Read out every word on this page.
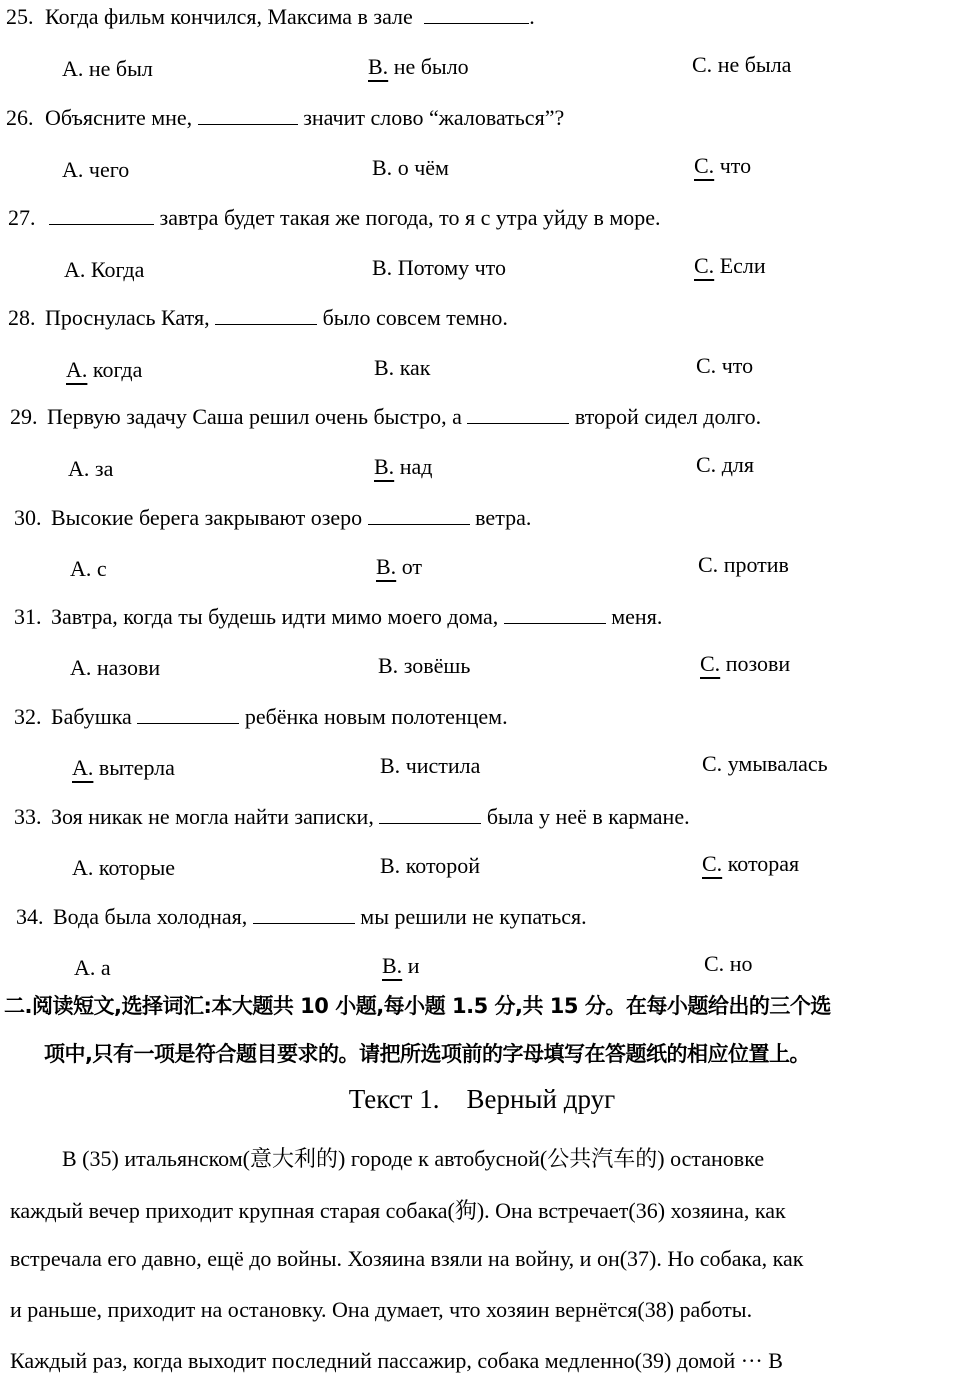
25. Когда фильм кончился, Максима в зале	.
A. не был	B. не было	C. не была
26. Объясните мне,	значит слово “жаловаться”?
A. чего	B. о чём	C. что
27.	завтра будет такая же погода, то я с утра уйду в море.
A. Когда	B. Потому что	C. Если
28. Проснулась Катя,	было совсем темно.
A. когда	B. как	C. что
29. Первую задачу Саша решил очень быстро, а	второй сидел долго.
A. за	B. над	C. для
30. Высокие берега закрывают озеро	ветра.
A. с	B. от	C. против
31. Завтра, когда ты будешь идти мимо моего дома,	меня.
A. назови	B. зовёшь	C. позови
32. Бабушка	ребёнка новым полотенцем.
A. вытерла	B. чистила	C. умывалась
33. Зоя никак не могла найти записки,	была у неё в кармане.
A. которые	B. которой	C. которая
34. Вода была холодная,	мы решили не купаться.
A. а	B. и	C. но
二.阅读短文,选择词汇:本大题共 10 小题,每小题 1.5 分,共 15 分。在每小题给出的三个选
项中,只有一项是符合题目要求的。请把所选项前的字母填写在答题纸的相应位置上。
Текст 1.    Верный друг
В (35) итальянском(意大利的) городе к автобусной(公共汽车的) остановке
каждый вечер приходит крупная старая собака(狗). Она встречает(36) хозяина, как
встречала его давно, ещё до войны. Хозяина взяли на войну, и он(37). Но собака, как
и раньше, приходит на остановку. Она думает, что хозяин вернётся(38) работы.
Каждый раз, когда выходит последний пассажир, собака медленно(39) домой ··· В
